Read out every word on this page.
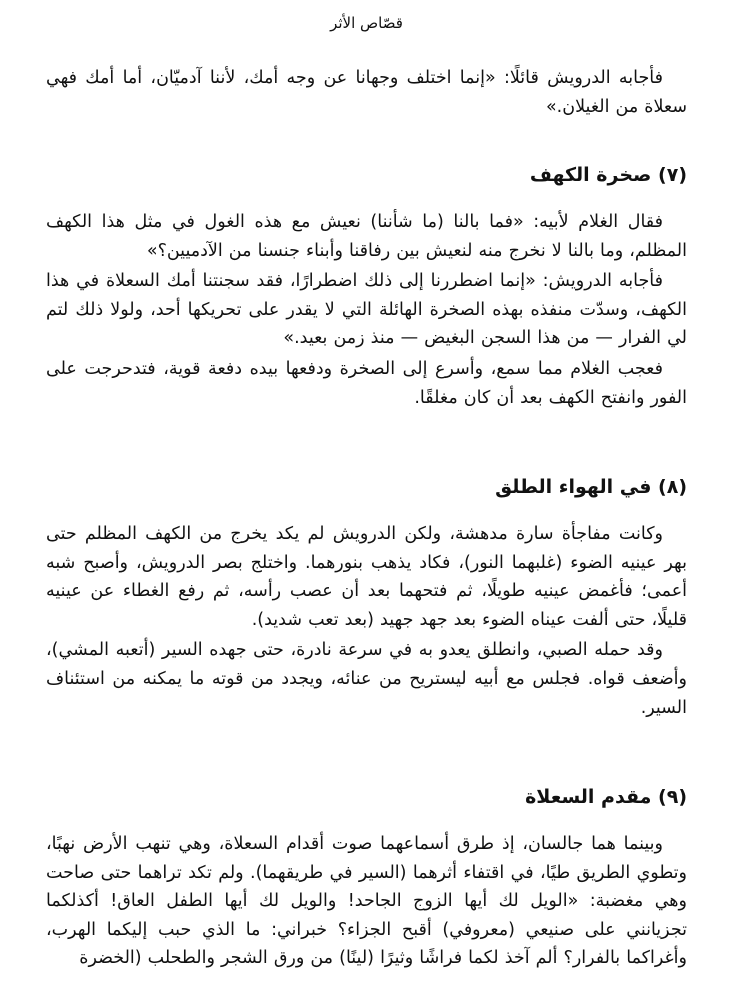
قصّاص الأثر

فأجابه الدرويش قائلًا: «إنما اختلف وجهانا عن وجه أمك، لأننا آدميّان، أما أمك فهي سعلاة من الغيلان.»

(٧) صخرة الكهف

فقال الغلام لأبيه: «فما بالنا (ما شأننا) نعيش مع هذه الغول في مثل هذا الكهف المظلم، وما بالنا لا نخرج منه لنعيش بين رفاقنا وأبناء جنسنا من الآدميين؟»

فأجابه الدرويش: «إنما اضطررنا إلى ذلك اضطرارًا، فقد سجنتنا أمك السعلاة في هذا الكهف، وسدّت منفذه بهذه الصخرة الهائلة التي لا يقدر على تحريكها أحد، ولولا ذلك لتم لي الفرار — من هذا السجن البغيض — منذ زمن بعيد.»

فعجب الغلام مما سمع، وأسرع إلى الصخرة ودفعها بيده دفعة قوية، فتدحرجت على الفور وانفتح الكهف بعد أن كان مغلقًا.

(٨) في الهواء الطلق

وكانت مفاجأة سارة مدهشة، ولكن الدرويش لم يكد يخرج من الكهف المظلم حتى بهر عينيه الضوء (غلبهما النور)، فكاد يذهب بنورهما. واختلج بصر الدرويش، وأصبح شبه أعمى؛ فأغمض عينيه طويلًا، ثم فتحهما بعد أن عصب رأسه، ثم رفع الغطاء عن عينيه قليلًا، حتى ألفت عيناه الضوء بعد جهد جهيد (بعد تعب شديد).

وقد حمله الصبي، وانطلق يعدو به في سرعة نادرة، حتى جهده السير (أتعبه المشي)، وأضعف قواه. فجلس مع أبيه ليستريح من عنائه، ويجدد من قوته ما يمكنه من استئناف السير.

(٩) مقدم السعلاة

وبينما هما جالسان، إذ طرق أسماعهما صوت أقدام السعلاة، وهي تنهب الأرض نهبًا، وتطوي الطريق طيًا، في اقتفاء أثرهما (السير في طريقهما). ولم تكد تراهما حتى صاحت وهي مغضبة: «الويل لك أيها الزوج الجاحد! والويل لك أيها الطفل العاق! أكذلكما تجزيانني على صنيعي (معروفي) أقبح الجزاء؟ خبراني: ما الذي حبب إليكما الهرب، وأغراكما بالفرار؟ ألم آخذ لكما فراشًا وثيرًا (لينًا) من ورق الشجر والطحلب (الخضرة
